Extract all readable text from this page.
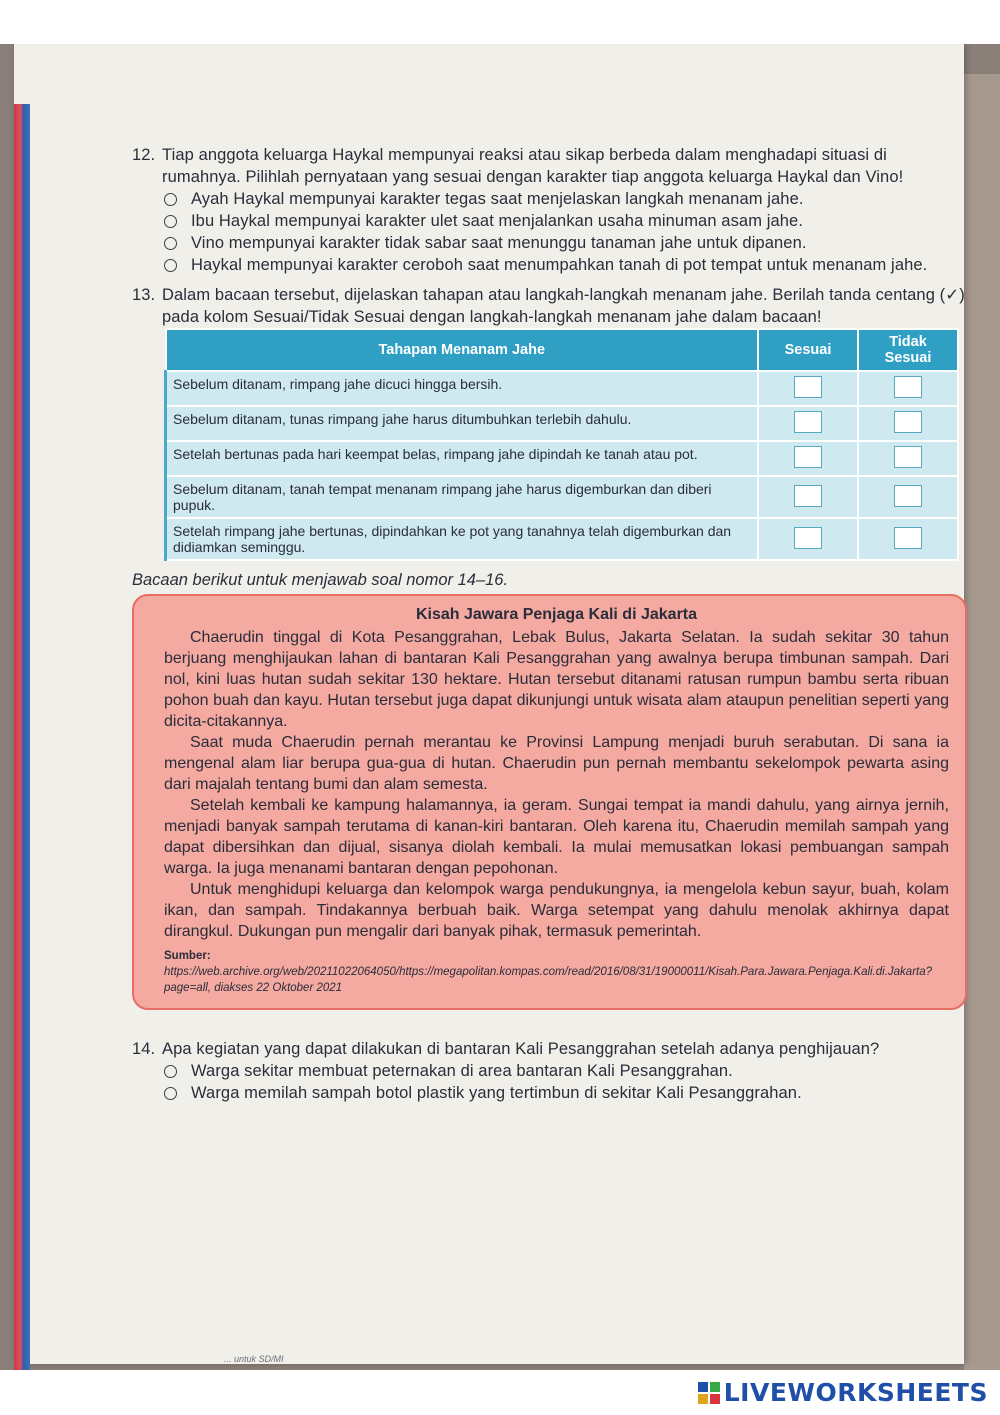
12. Tiap anggota keluarga Haykal mempunyai reaksi atau sikap berbeda dalam menghadapi situasi di rumahnya. Pilihlah pernyataan yang sesuai dengan karakter tiap anggota keluarga Haykal dan Vino!
Ayah Haykal mempunyai karakter tegas saat menjelaskan langkah menanam jahe.
Ibu Haykal mempunyai karakter ulet saat menjalankan usaha minuman asam jahe.
Vino mempunyai karakter tidak sabar saat menunggu tanaman jahe untuk dipanen.
Haykal mempunyai karakter ceroboh saat menumpahkan tanah di pot tempat untuk menanam jahe.
13. Dalam bacaan tersebut, dijelaskan tahapan atau langkah-langkah menanam jahe. Berilah tanda centang (✓) pada kolom Sesuai/Tidak Sesuai dengan langkah-langkah menanam jahe dalam bacaan!
Tahapan Menanam Jahe	Sesuai	Tidak Sesuai
Sebelum ditanam, rimpang jahe dicuci hingga bersih.		
Sebelum ditanam, tunas rimpang jahe harus ditumbuhkan terlebih dahulu.		
Setelah bertunas pada hari keempat belas, rimpang jahe dipindah ke tanah atau pot.		
Sebelum ditanam, tanah tempat menanam rimpang jahe harus digemburkan dan diberi pupuk.		
Setelah rimpang jahe bertunas, dipindahkan ke pot yang tanahnya telah digemburkan dan didiamkan seminggu.		
Bacaan berikut untuk menjawab soal nomor 14–16.
Kisah Jawara Penjaga Kali di Jakarta

Chaerudin tinggal di Kota Pesanggrahan, Lebak Bulus, Jakarta Selatan. Ia sudah sekitar 30 tahun berjuang menghijaukan lahan di bantaran Kali Pesanggrahan yang awalnya berupa timbunan sampah. Dari nol, kini luas hutan sudah sekitar 130 hektare. Hutan tersebut ditanami ratusan rumpun bambu serta ribuan pohon buah dan kayu. Hutan tersebut juga dapat dikunjungi untuk wisata alam ataupun penelitian seperti yang dicita-citakannya.

Saat muda Chaerudin pernah merantau ke Provinsi Lampung menjadi buruh serabutan. Di sana ia mengenal alam liar berupa gua-gua di hutan. Chaerudin pun pernah membantu sekelompok pewarta asing dari majalah tentang bumi dan alam semesta.

Setelah kembali ke kampung halamannya, ia geram. Sungai tempat ia mandi dahulu, yang airnya jernih, menjadi banyak sampah terutama di kanan-kiri bantaran. Oleh karena itu, Chaerudin memilah sampah yang dapat dibersihkan dan dijual, sisanya diolah kembali. Ia mulai memusatkan lokasi pembuangan sampah warga. Ia juga menanami bantaran dengan pepohonan.

Untuk menghidupi keluarga dan kelompok warga pendukungnya, ia mengelola kebun sayur, buah, kolam ikan, dan sampah. Tindakannya berbuah baik. Warga setempat yang dahulu menolak akhirnya dapat dirangkul. Dukungan pun mengalir dari banyak pihak, termasuk pemerintah.

Sumber: https://web.archive.org/web/20211022064050/https://megapolitan.kompas.com/read/2016/08/31/19000011/Kisah.Para.Jawara.Penjaga.Kali.di.Jakarta?page=all, diakses 22 Oktober 2021
14. Apa kegiatan yang dapat dilakukan di bantaran Kali Pesanggrahan setelah adanya penghijauan?
Warga sekitar membuat peternakan di area bantaran Kali Pesanggrahan.
Warga memilah sampah botol plastik yang tertimbun di sekitar Kali Pesanggrahan.
... untuk SD/MI
LIVEWORKSHEETS
